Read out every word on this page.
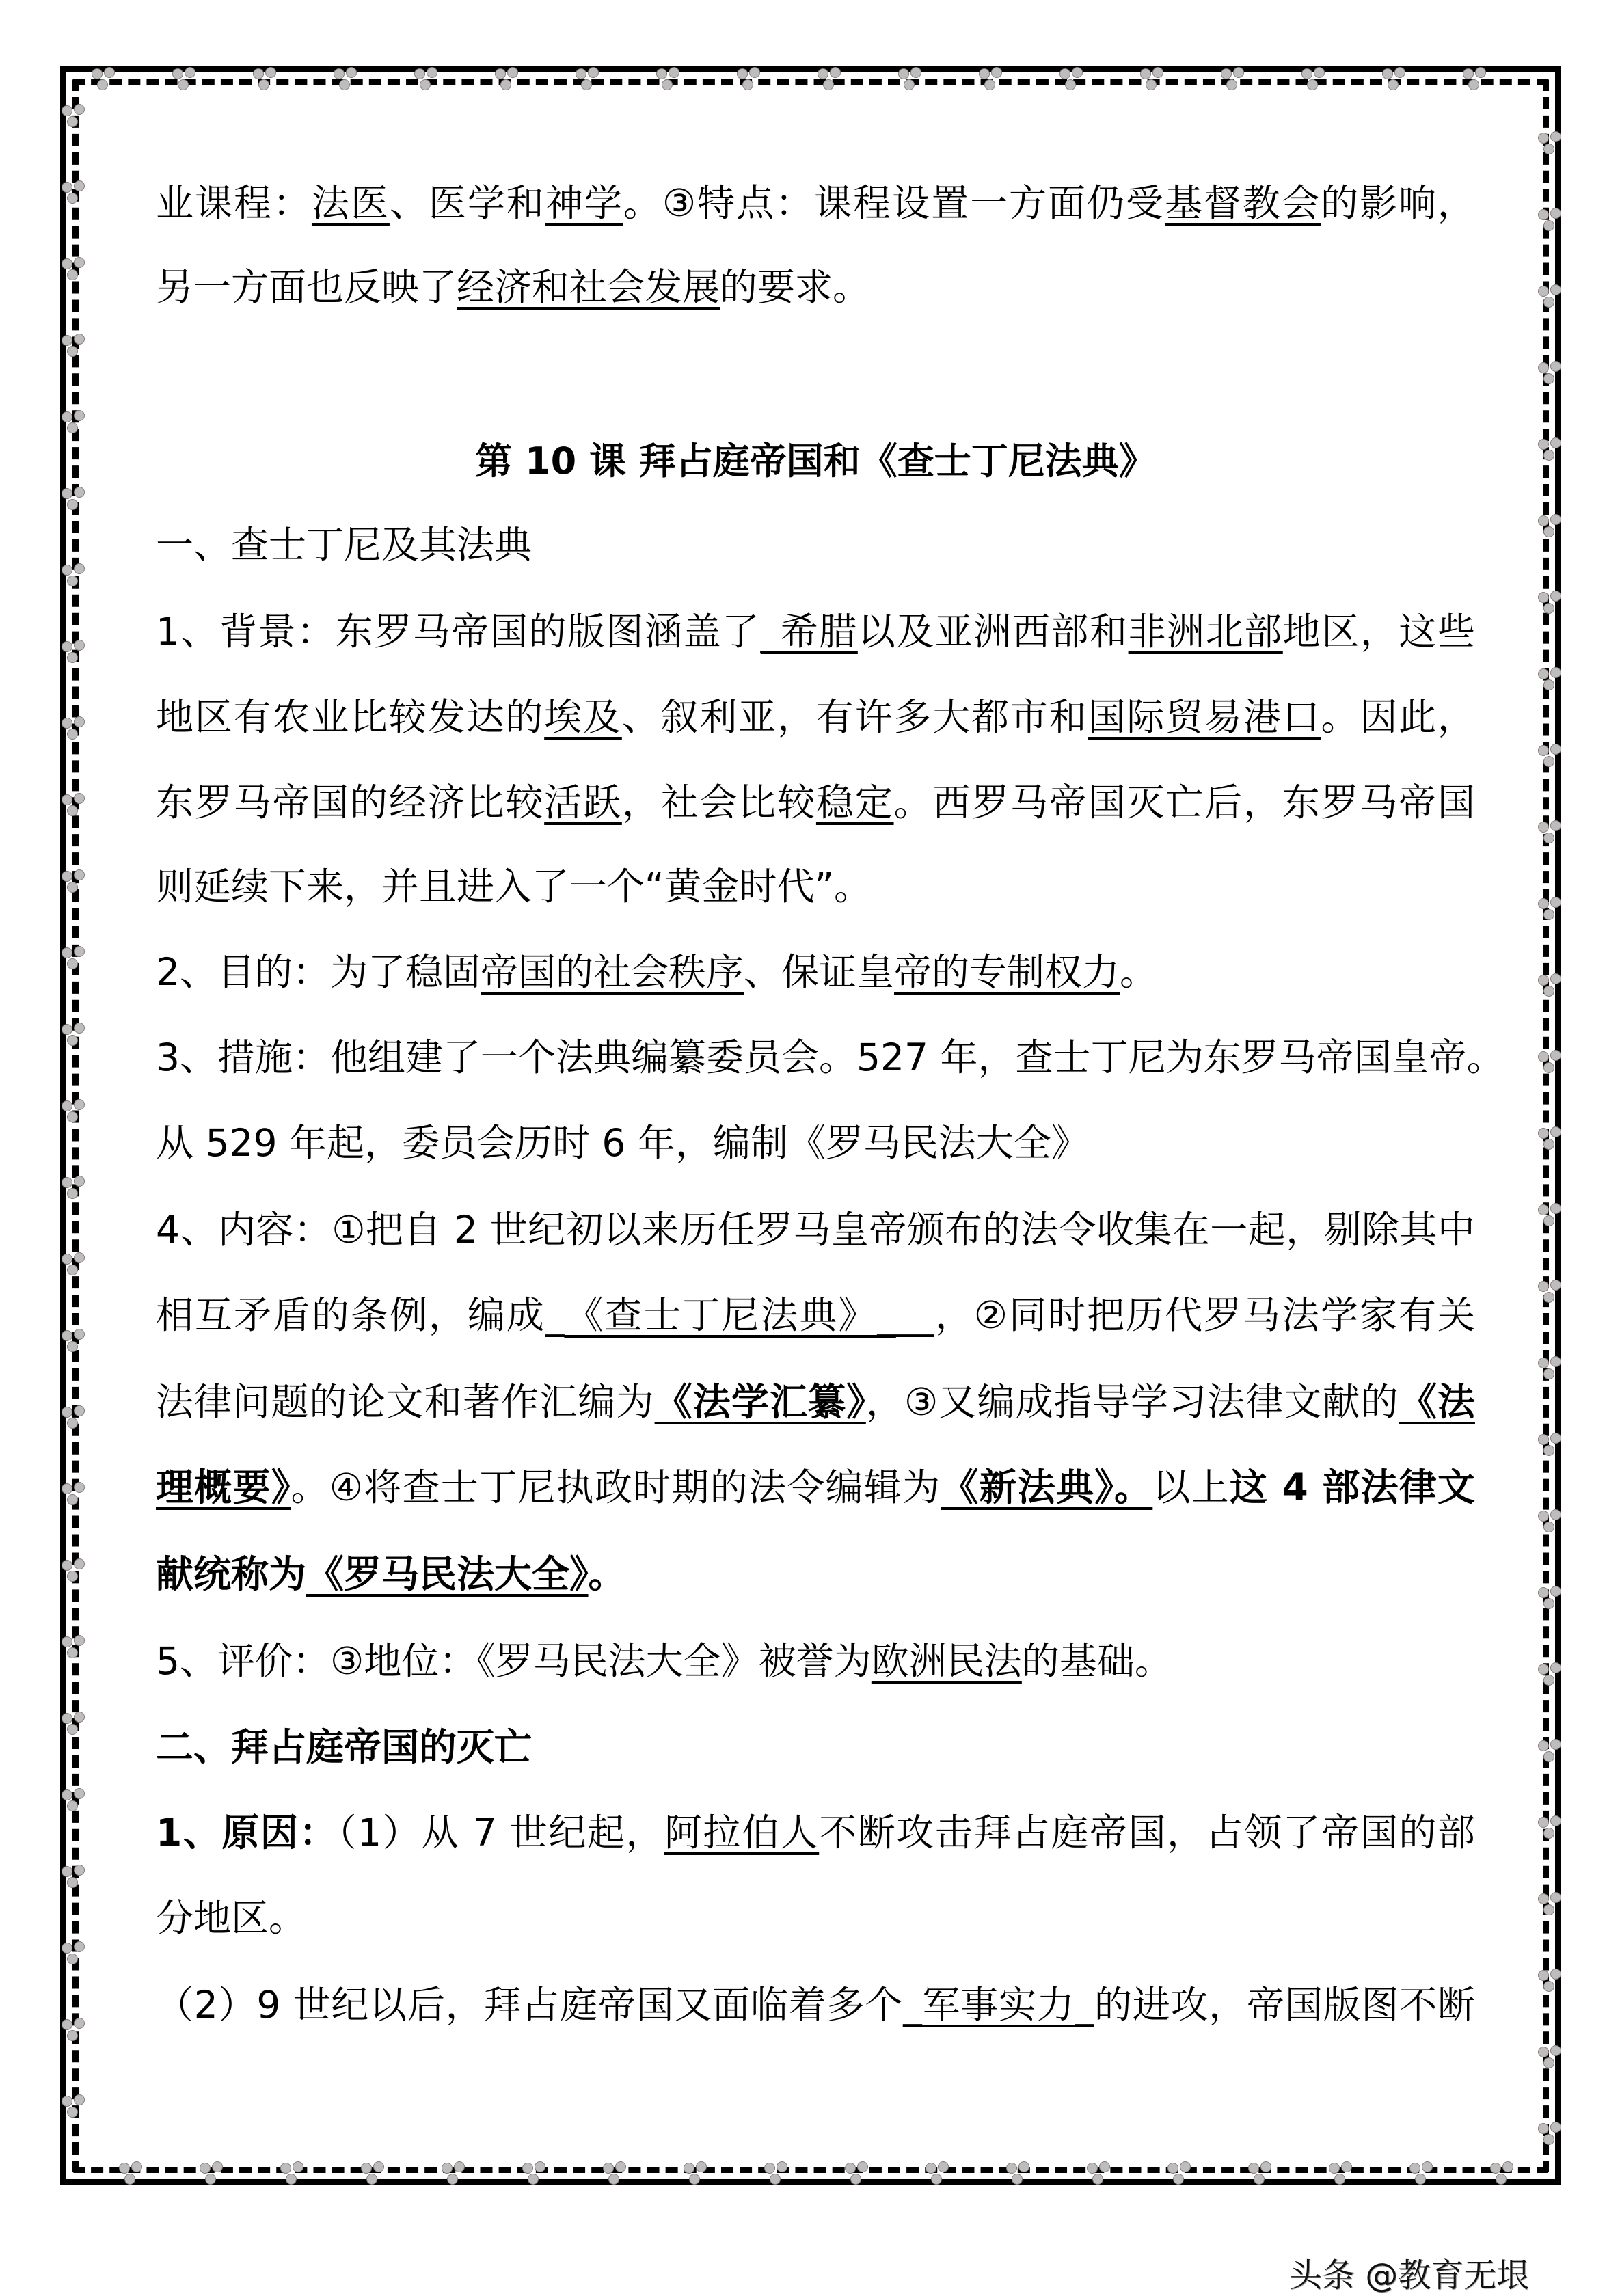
业课程：法医、医学和神学。③特点：课程设置一方面仍受基督教会的影响，
另一方面也反映了经济和社会发展的要求。
第 10 课 拜占庭帝国和《查士丁尼法典》
一、查士丁尼及其法典
1、背景：东罗马帝国的版图涵盖了_希腊以及亚洲西部和非洲北部地区，这些
地区有农业比较发达的埃及、叙利亚，有许多大都市和国际贸易港口。因此，
东罗马帝国的经济比较活跃，社会比较稳定。西罗马帝国灭亡后，东罗马帝国
则延续下来，并且进入了一个“黄金时代”。
2、目的：为了稳固帝国的社会秩序、保证皇帝的专制权力。
3、措施：他组建了一个法典编纂委员会。527 年，查士丁尼为东罗马帝国皇帝。
从 529 年起，委员会历时 6 年，编制《罗马民法大全》
4、内容：①把自 2 世纪初以来历任罗马皇帝颁布的法令收集在一起，剔除其中
相互矛盾的条例，编成_《查士丁尼法典》___，②同时把历代罗马法学家有关
法律问题的论文和著作汇编为《法学汇纂》，③又编成指导学习法律文献的《法
理概要》。④将查士丁尼执政时期的法令编辑为《新法典》。以上这 4 部法律文
献统称为《罗马民法大全》。
5、评价：③地位：《罗马民法大全》被誉为欧洲民法的基础。
二、拜占庭帝国的灭亡
1、原因：（1）从 7 世纪起，阿拉伯人不断攻击拜占庭帝国，占领了帝国的部
分地区。
（2）9 世纪以后，拜占庭帝国又面临着多个_军事实力_的进攻，帝国版图不断
头条 @教育无垠
